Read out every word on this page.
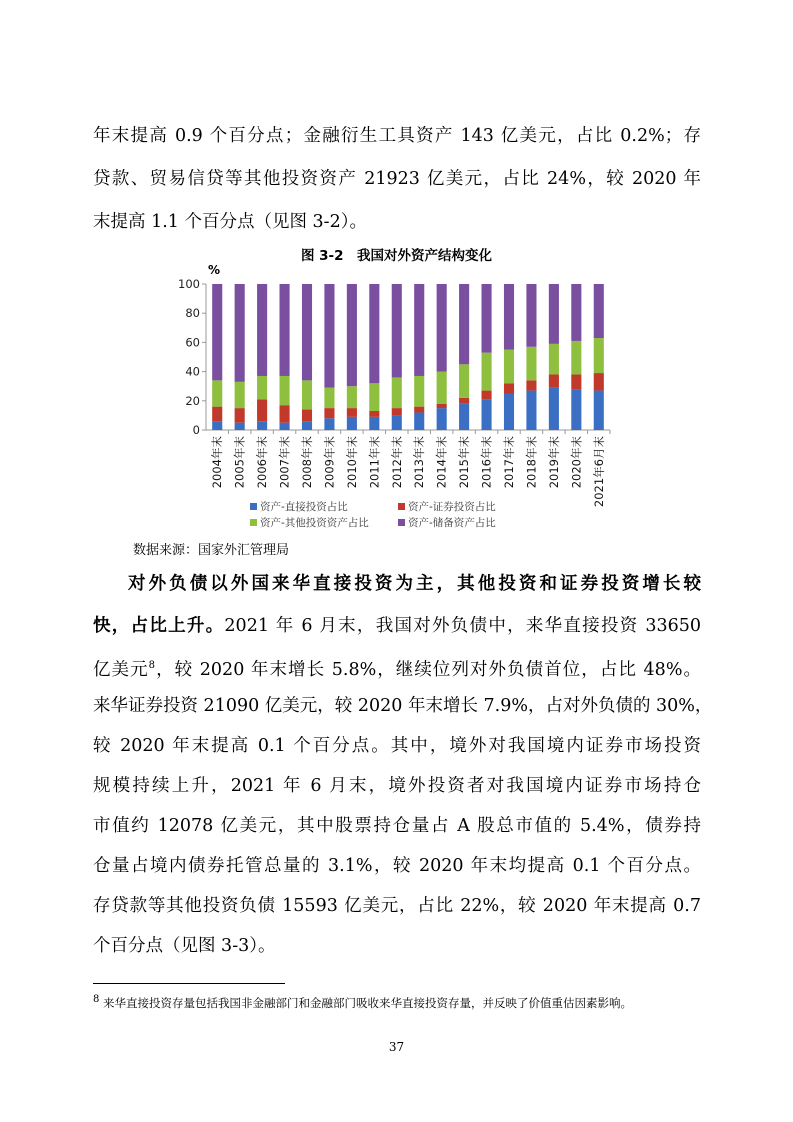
年末提高 0.9 个百分点；金融衍生工具资产 143 亿美元，占比 0.2%；存
贷款、贸易信贷等其他投资资产 21923 亿美元，占比 24%，较 2020 年
末提高 1.1 个百分点（见图 3-2）。
图 3-2　我国对外资产结构变化
%
0
20
40
60
80
100
2004年末 2005年末 2006年末 2007年末 2008年末 2009年末 2010年末 2011年末 2012年末 2013年末 2014年末 2015年末 2016年末 2017年末 2018年末 2019年末 2020年末 2021年6月末
资产-直接投资占比	资产-证券投资占比
资产-其他投资资产占比	资产-储备资产占比
数据来源：国家外汇管理局
对外负债以外国来华直接投资为主，其他投资和证券投资增长较
快，占比上升。2021 年 6 月末，我国对外负债中，来华直接投资 33650
亿美元$^8$，较 2020 年末增长 5.8%，继续位列对外负债首位，占比 48%。
来华证券投资 21090 亿美元，较 2020 年末增长 7.9%，占对外负债的 30%，
较 2020 年末提高 0.1 个百分点。其中，境外对我国境内证券市场投资
规模持续上升，2021 年 6 月末，境外投资者对我国境内证券市场持仓
市值约 12078 亿美元，其中股票持仓量占 A 股总市值的 5.4%，债券持
仓量占境内债券托管总量的 3.1%，较 2020 年末均提高 0.1 个百分点。
存贷款等其他投资负债 15593 亿美元，占比 22%，较 2020 年末提高 0.7
个百分点（见图 3-3）。
$^8$ 来华直接投资存量包括我国非金融部门和金融部门吸收来华直接投资存量，并反映了价值重估因素影响。
37
